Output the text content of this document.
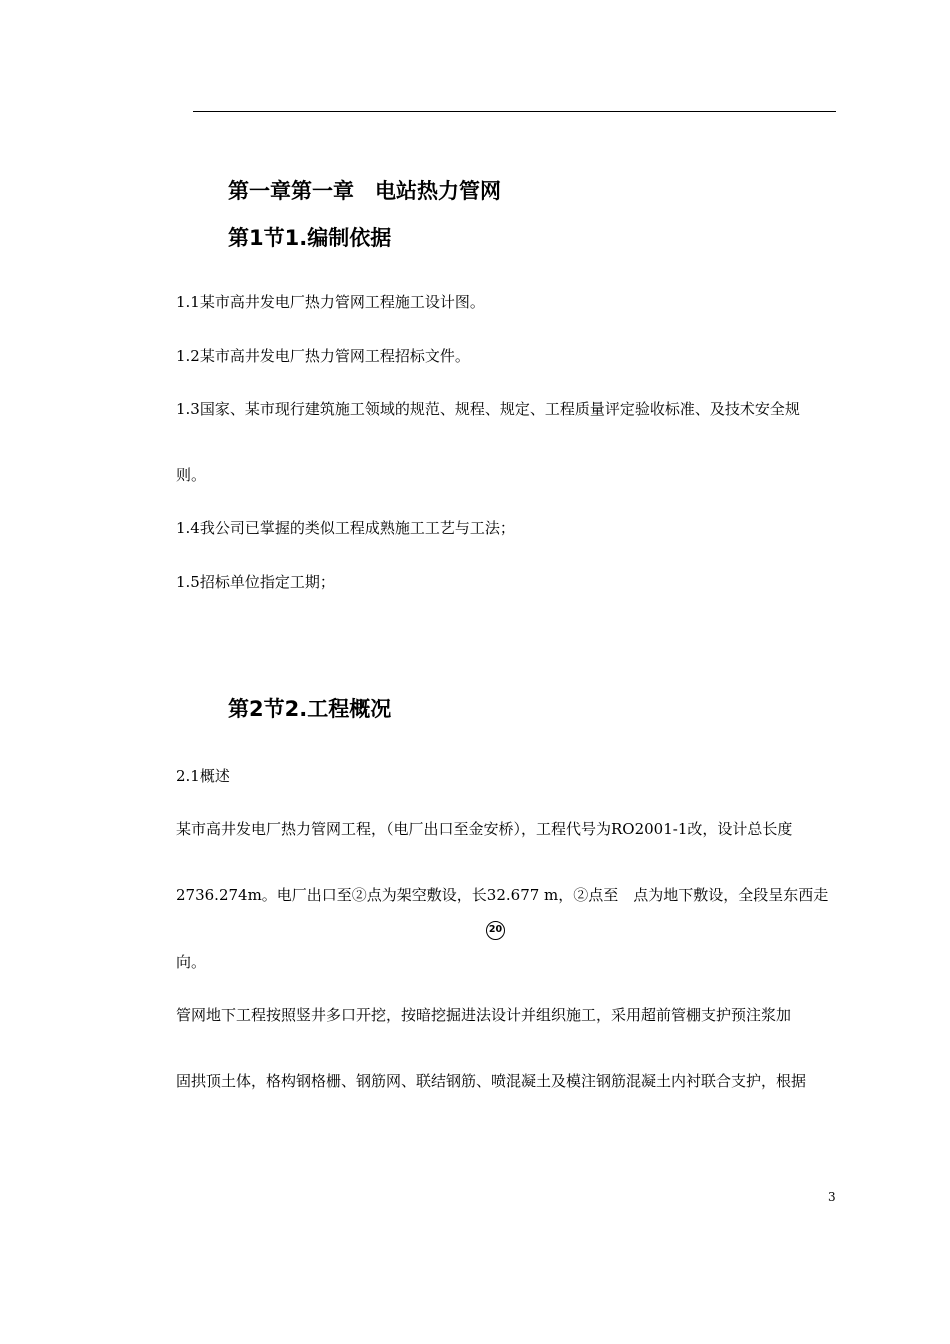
第一章第一章　电站热力管网
第1节1.编制依据
1.1某市高井发电厂热力管网工程施工设计图。
1.2某市高井发电厂热力管网工程招标文件。
1.3国家、某市现行建筑施工领域的规范、规程、规定、工程质量评定验收标准、及技术安全规
则。
1.4我公司已掌握的类似工程成熟施工工艺与工法；
1.5招标单位指定工期；
第2节2.工程概况
2.1概述
某市高井发电厂热力管网工程，（电厂出口至金安桥），工程代号为RO2001-1改，设计总长度
2736.274m。电厂出口至②点为架空敷设，长32.677 m，②点至　点为地下敷设，全段呈东西走
20
向。
管网地下工程按照竖井多口开挖，按暗挖掘进法设计并组织施工，采用超前管棚支护预注浆加
固拱顶土体，格构钢格栅、钢筋网、联结钢筋、喷混凝土及模注钢筋混凝土内衬联合支护，根据
3
